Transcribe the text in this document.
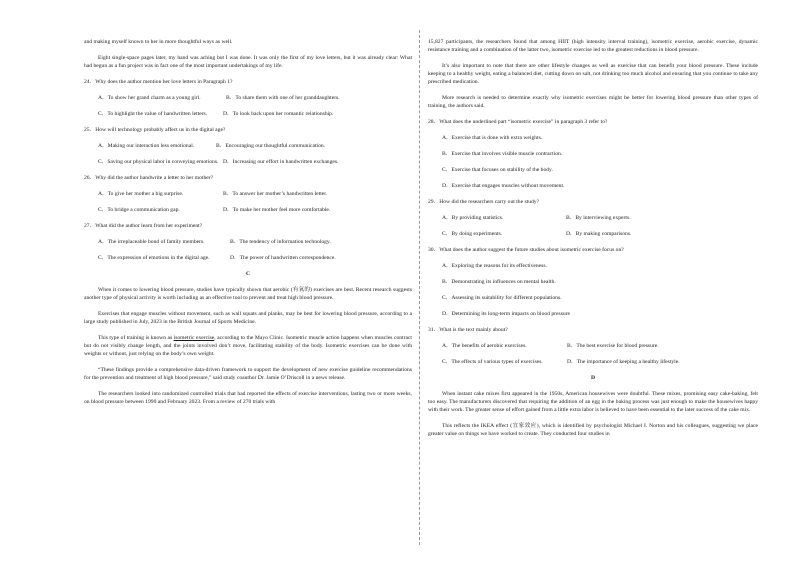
and making myself known to her in more thoughtful ways as well.

Eight single-space pages later, my hand was aching but I was done. It was only the first of my love letters, but it was already clear: What had begun as a fun project was in fact one of the most important undertakings of my life.

24．Why does the author mention her love letters in Paragraph 1?
A．To show her grand charm as a young girl.	B．To share them with one of her granddaughters.
C．To highlight the value of handwritten letters.	D．To look back upon her romantic relationship.
25．How will technology probably affect us in the digital age?
A．Making our interaction less emotional.	B．Encouraging our thoughtful communication.
C．Saving our physical labor in conveying emotions. D．Increasing our effort in handwritten exchanges.
26．Why did the author handwrite a letter to her mother?
A．To give her mother a big surprise.	B．To answer her mother’s handwritten letter.
C．To bridge a communication gap.	D．To make her mother feel more comfortable.
27．What did the author learn from her experiment?
A．The irreplaceable bond of family members.	B．The tendency of information technology.
C．The expression of emotions in the digital age.	D．The power of handwritten correspondence.
C

When it comes to lowering blood pressure, studies have typically shown that aerobic (有氧的) exercises are best. Recent research suggests another type of physical activity is worth including as an effective tool to prevent and treat high blood pressure.

Exercises that engage muscles without movement, such as wall squats and planks, may be best for lowering blood pressure, according to a large study published in July, 2023 in the British Journal of Sports Medicine.

This type of training is known as isometric exercise, according to the Mayo Clinic. Isometric muscle action happens when muscles contract but do not visibly change length, and the joints involved don’t move, facilitating stability of the body. Isometric exercises can be done with weights or without, just relying on the body’s own weight.

“These findings provide a comprehensive data-driven framework to support the development of new exercise guideline recommendations for the prevention and treatment of high blood pressure,” said study coauthor Dr. Jamie O’Driscoll in a news release.

The researchers looked into randomized controlled trials that had reported the effects of exercise interventions, lasting two or more weeks, on blood pressure between 1990 and February 2023. From a review of 270 trials with

15,827 participants, the researchers found that among HIIT (high intensity interval training), isometric exercise, aerobic exercise, dynamic resistance training and a combination of the latter two, isometric exercise led to the greatest reductions in blood pressure.

It’s also important to note that there are other lifestyle changes as well as exercise that can benefit your blood pressure. These include keeping to a healthy weight, eating a balanced diet, cutting down on salt, not drinking too much alcohol and ensuring that you continue to take any prescribed medication.

More research is needed to determine exactly why isometric exercises might be better for lowering blood pressure than other types of training, the authors said.

28．What does the underlined part “isometric exercise” in paragraph 3 refer to?
A．Exercise that is done with extra weights.
B．Exercise that involves visible muscle contraction.
C．Exercise that focuses on stability of the body.
D．Exercise that engages muscles without movement.
29．How did the researchers carry out the study?
A．By providing statistics.	B．By interviewing experts.
C．By doing experiments.	D．By making comparisons.
30．What does the author suggest the future studies about isometric exercise focus on?
A．Exploring the reasons for its effectiveness.
B．Demonstrating its influences on mental health.
C．Assessing its suitability for different populations.
D．Determining its long-term impacts on blood pressure
31．What is the text mainly about?
A．The benefits of aerobic exercises.	B．The best exercise for blood pressure.
C．The effects of various types of exercises.	D．The importance of keeping a healthy lifestyle.
D

When instant cake mixes first appeared in the 1950s, American housewives were doubtful. These mixes, promising easy cake-baking, felt too easy. The manufacturers discovered that requiring the addition of an egg in the baking process was just enough to make the housewives happy with their work. The greater sense of effort gained from a little extra labor is believed to have been essential to the later success of the cake mix.

This reflects the IKEA effect (宜家效应), which is identified by psychologist Michael I. Norton and his colleagues, suggesting we place greater value on things we have worked to create. They conducted four studies in
